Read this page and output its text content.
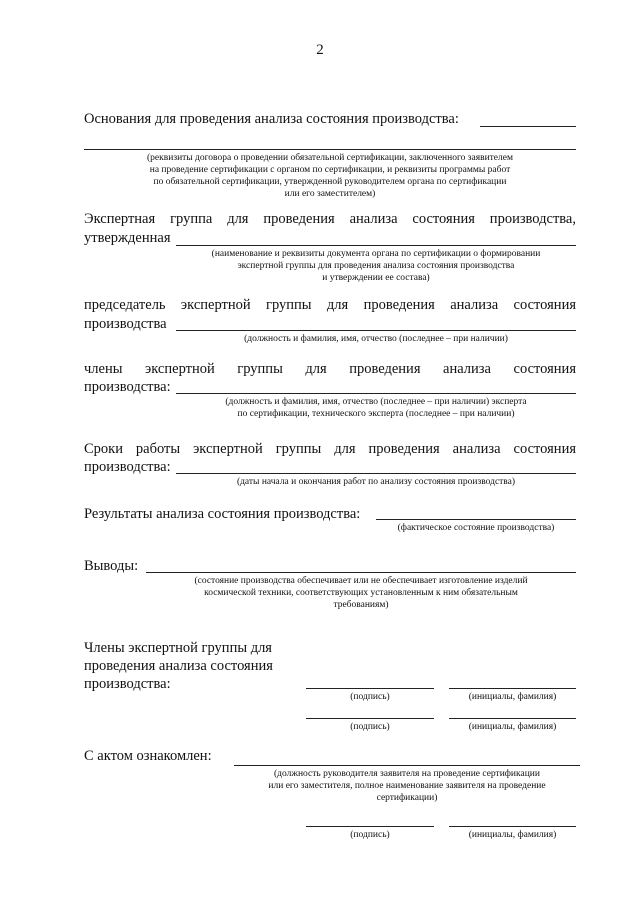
2
Основания для проведения анализа состояния производства:
(реквизиты договора о проведении обязательной сертификации, заключенного заявителем
на проведение сертификации с органом по сертификации, и реквизиты программы работ
по обязательной сертификации, утвержденной руководителем органа по сертификации
или его заместителем)
Экспертная группа для проведения анализа состояния производства,
утвержденная
(наименование и реквизиты документа органа по сертификации о формировании
экспертной группы для проведения анализа состояния производства
и утверждении ее состава)
председатель экспертной группы для проведения анализа состояния
производства
(должность и фамилия, имя, отчество (последнее – при наличии)
члены экспертной группы для проведения анализа состояния
производства:
(должность и фамилия, имя, отчество (последнее – при наличии) эксперта
по сертификации, технического эксперта (последнее – при наличии)
Сроки работы экспертной группы для проведения анализа состояния
производства:
(даты начала и окончания работ по анализу состояния производства)
Результаты анализа состояния производства:
(фактическое состояние производства)
Выводы:
(состояние производства обеспечивает или не обеспечивает изготовление изделий
космической техники, соответствующих установленным к ним обязательным
требованиям)
Члены экспертной группы для
проведения анализа состояния
производства:
(подпись)	(инициалы, фамилия)
(подпись)	(инициалы, фамилия)
С актом ознакомлен:
(должность руководителя заявителя на проведение сертификации
или его заместителя, полное наименование заявителя на проведение
сертификации)
(подпись)	(инициалы, фамилия)
